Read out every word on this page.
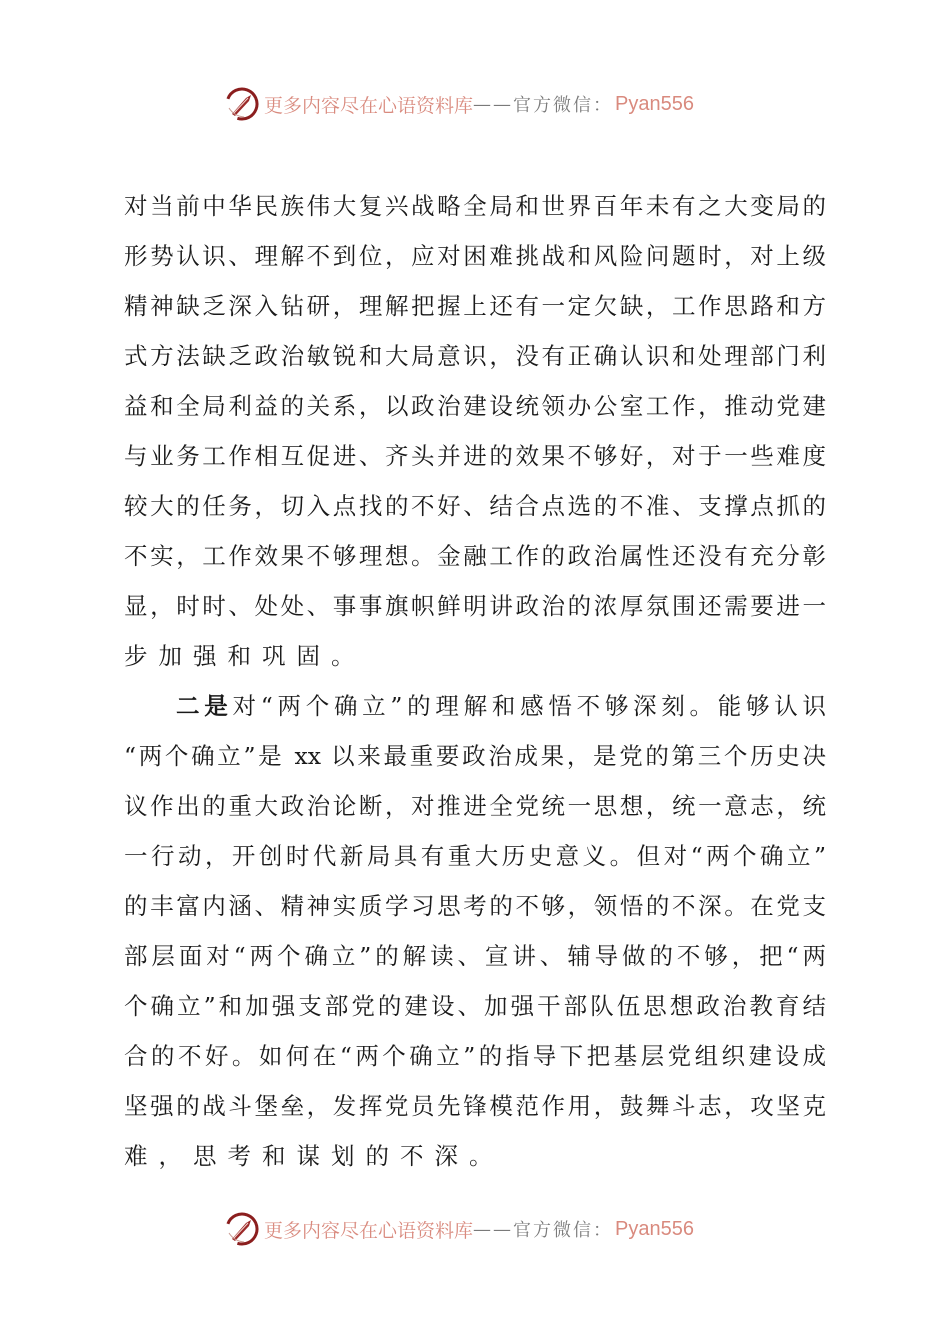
更多内容尽在心语资料库 —— 官方微信： Pyan556
对当前中华民族伟大复兴战略全局和世界百年未有之大变局的
形势认识、理解不到位，应对困难挑战和风险问题时，对上级
精神缺乏深入钻研，理解把握上还有一定欠缺，工作思路和方
式方法缺乏政治敏锐和大局意识，没有正确认识和处理部门利
益和全局利益的关系，以政治建设统领办公室工作，推动党建
与业务工作相互促进、齐头并进的效果不够好，对于一些难度
较大的任务，切入点找的不好、结合点选的不准、支撑点抓的
不实，工作效果不够理想。金融工作的政治属性还没有充分彰
显，时时、处处、事事旗帜鲜明讲政治的浓厚氛围还需要进一
步加强和巩固。
二是对“两个确立”的理解和感悟不够深刻。能够认识
“两个确立”是 xx 以来最重要政治成果，是党的第三个历史决
议作出的重大政治论断，对推进全党统一思想，统一意志，统
一行动，开创时代新局具有重大历史意义。但对“两个确立”
的丰富内涵、精神实质学习思考的不够，领悟的不深。在党支
部层面对“两个确立”的解读、宣讲、辅导做的不够，把“两
个确立”和加强支部党的建设、加强干部队伍思想政治教育结
合的不好。如何在“两个确立”的指导下把基层党组织建设成
坚强的战斗堡垒，发挥党员先锋模范作用，鼓舞斗志，攻坚克
难，思考和谋划的不深。
更多内容尽在心语资料库 —— 官方微信： Pyan556
